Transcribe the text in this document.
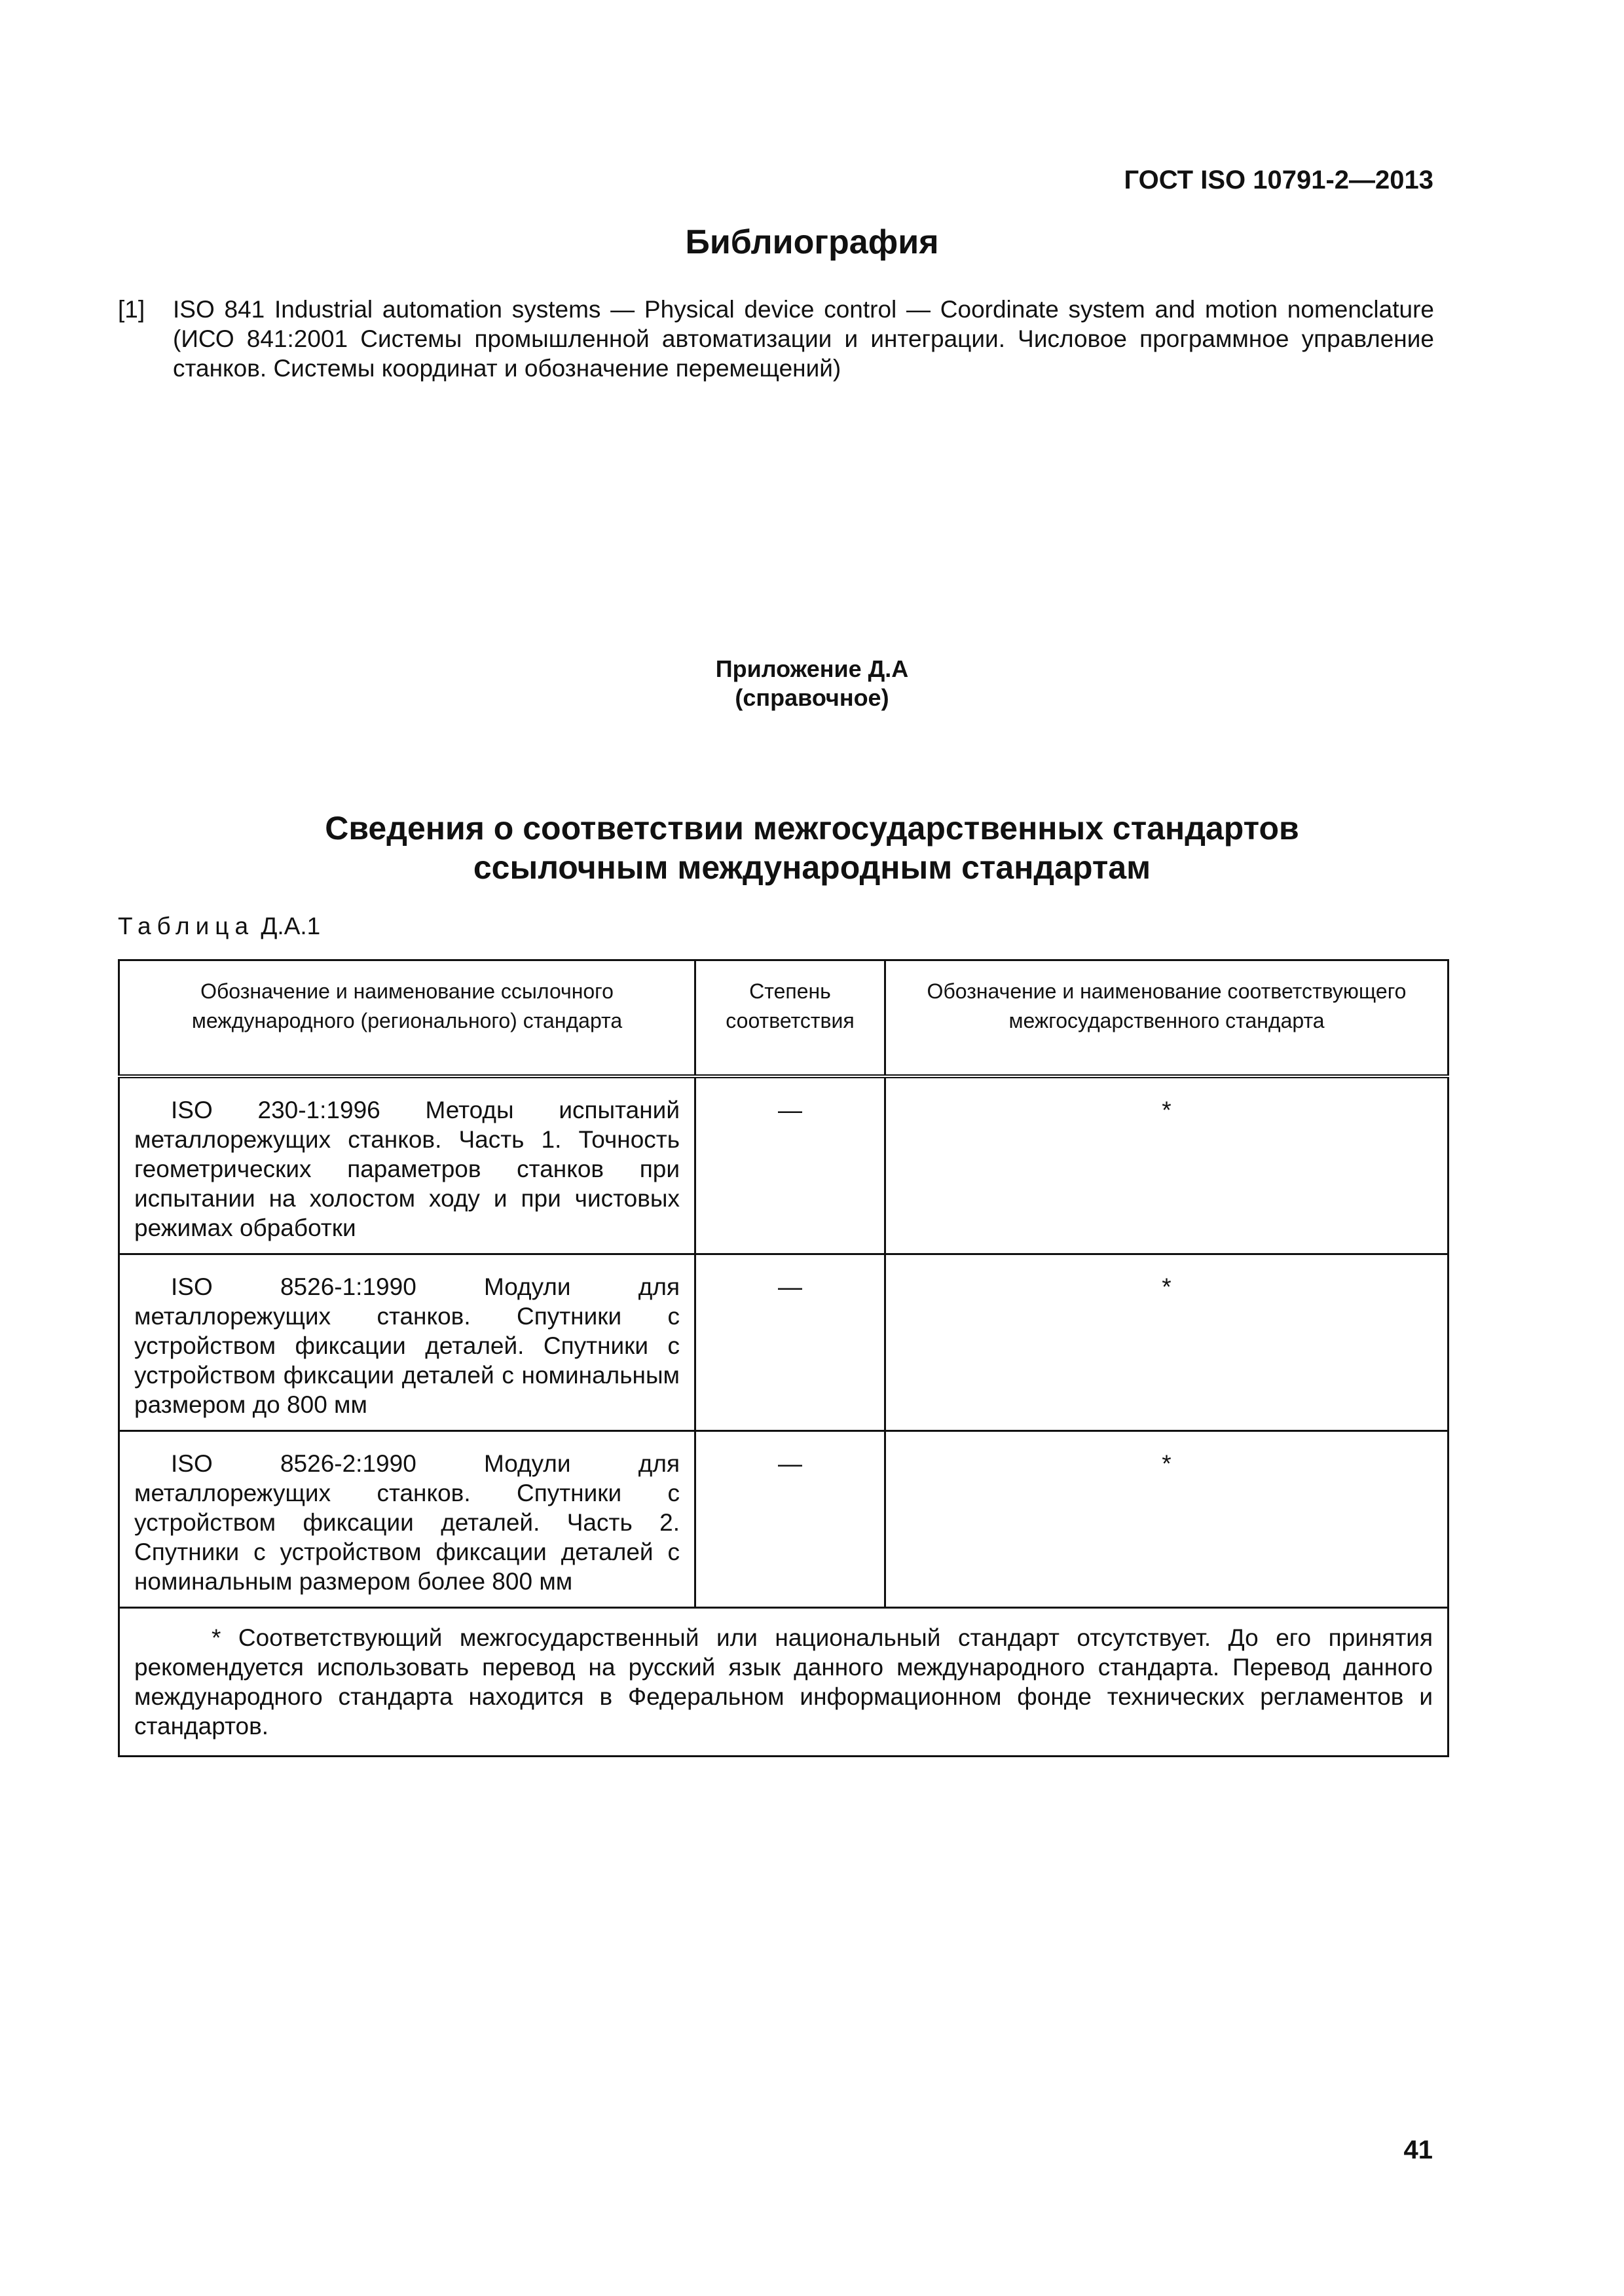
ГОСТ ISO 10791-2—2013
Библиография
[1] ISO 841 Industrial automation systems — Physical device control — Coordinate system and motion nomenclature (ИСО 841:2001 Системы промышленной автоматизации и интеграции. Числовое программное управление станков. Системы координат и обозначение перемещений)
Приложение Д.А
(справочное)
Сведения о соответствии межгосударственных стандартов
ссылочным международным стандартам
Таблица Д.А.1
Обозначение и наименование ссылочного международного (регионального) стандарта	Степень соответствия	Обозначение и наименование соответствующего межгосударственного стандарта
ISO 230-1:1996 Методы испытаний металлорежущих станков. Часть 1. Точность геометрических параметров станков при испытании на холостом ходу и при чистовых режимах обработки	—	*
ISO 8526-1:1990 Модули для металлорежущих станков. Спутники с устройством фиксации деталей. Спутники с устройством фиксации деталей с номинальным размером до 800 мм	—	*
ISO 8526-2:1990 Модули для металлорежущих станков. Спутники с устройством фиксации деталей. Часть 2. Спутники с устройством фиксации деталей с номинальным размером более 800 мм	—	*
* Соответствующий межгосударственный или национальный стандарт отсутствует. До его принятия рекомендуется использовать перевод на русский язык данного международного стандарта. Перевод данного международного стандарта находится в Федеральном информационном фонде технических регламентов и стандартов.		
41
